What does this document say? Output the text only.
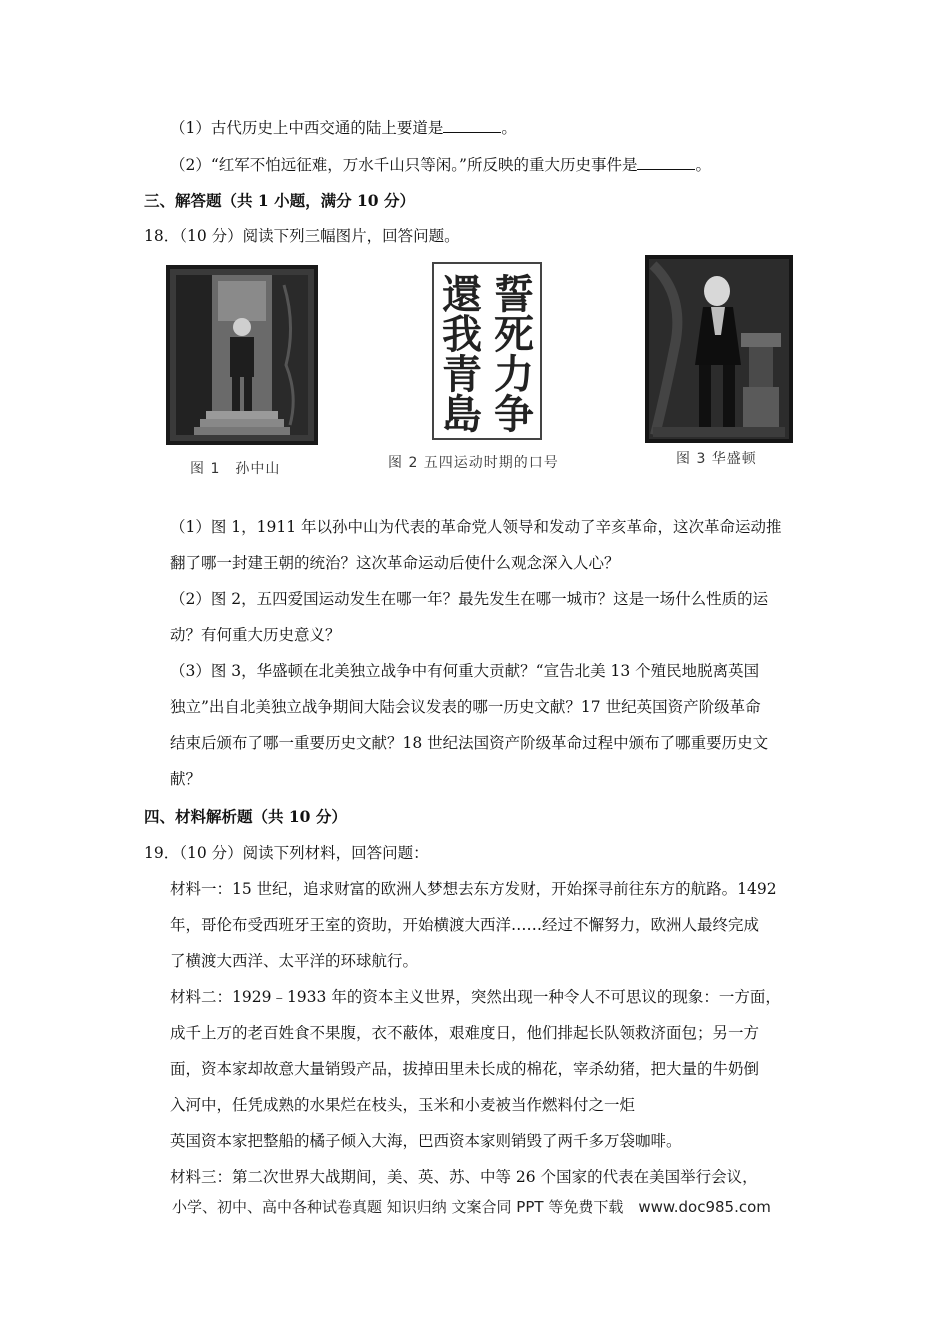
（1）古代历史上中西交通的陆上要道是	。
（2）“红军不怕远征难，万水千山只等闲。”所反映的重大历史事件是	。
三、解答题（共 1 小题，满分 10 分）
18．（10 分）阅读下列三幅图片，回答问题。
图 1　孙中山
誓
死
力
争
還
我
青
島
图 2 五四运动时期的口号	图 3 华盛顿
（1）图 1，1911 年以孙中山为代表的革命党人领导和发动了辛亥革命，这次革命运动推
翻了哪一封建王朝的统治？这次革命运动后使什么观念深入人心？
（2）图 2，五四爱国运动发生在哪一年？最先发生在哪一城市？这是一场什么性质的运
动？有何重大历史意义？
（3）图 3，华盛顿在北美独立战争中有何重大贡献？“宣告北美 13 个殖民地脱离英国
独立”出自北美独立战争期间大陆会议发表的哪一历史文献？17 世纪英国资产阶级革命
结束后颁布了哪一重要历史文献？18 世纪法国资产阶级革命过程中颁布了哪重要历史文
献？
四、材料解析题（共 10 分）
19．（10 分）阅读下列材料，回答问题：
材料一：15 世纪，追求财富的欧洲人梦想去东方发财，开始探寻前往东方的航路。1492
年，哥伦布受西班牙王室的资助，开始横渡大西洋……经过不懈努力，欧洲人最终完成
了横渡大西洋、太平洋的环球航行。
材料二：1929﹣1933 年的资本主义世界，突然出现一种令人不可思议的现象：一方面，
成千上万的老百姓食不果腹，衣不蔽体，艰难度日，他们排起长队领救济面包；另一方
面，资本家却故意大量销毁产品，拔掉田里未长成的棉花，宰杀幼猪，把大量的牛奶倒
入河中，任凭成熟的水果烂在枝头，玉米和小麦被当作燃料付之一炬
英国资本家把整船的橘子倾入大海，巴西资本家则销毁了两千多万袋咖啡。
材料三：第二次世界大战期间，美、英、苏、中等 26 个国家的代表在美国举行会议，
小学、初中、高中各种试卷真题 知识归纳 文案合同 PPT 等免费下载　www.doc985.com
